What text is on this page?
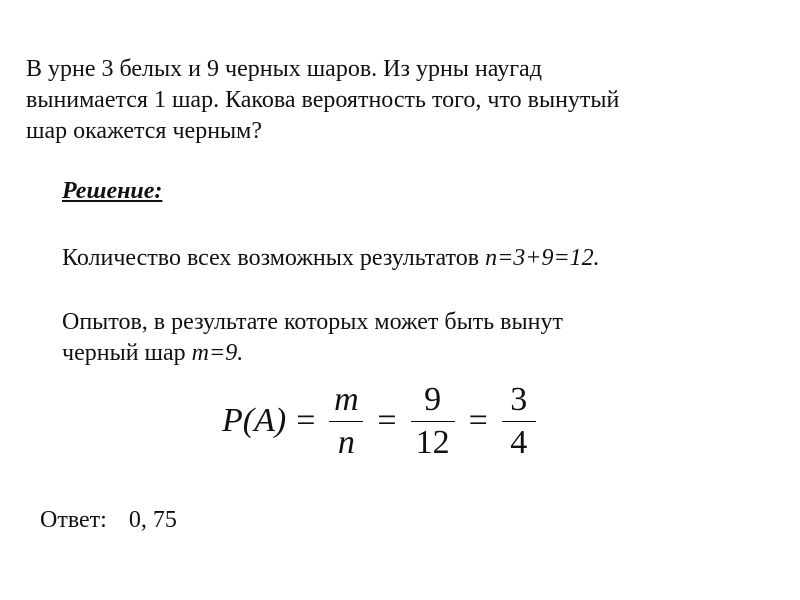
В урне 3 белых и 9 черных шаров. Из урны наугад
вынимается 1 шар. Какова вероятность того, что вынутый
шар окажется черным?
Решение:
Количество всех возможных результатов n=3+9=12.
Опытов, в результате которых может быть вынут
черный шар m=9.
$P(A) = \frac{m}{n} = \frac{9}{12} = \frac{3}{4}$
Ответ: 0, 75
